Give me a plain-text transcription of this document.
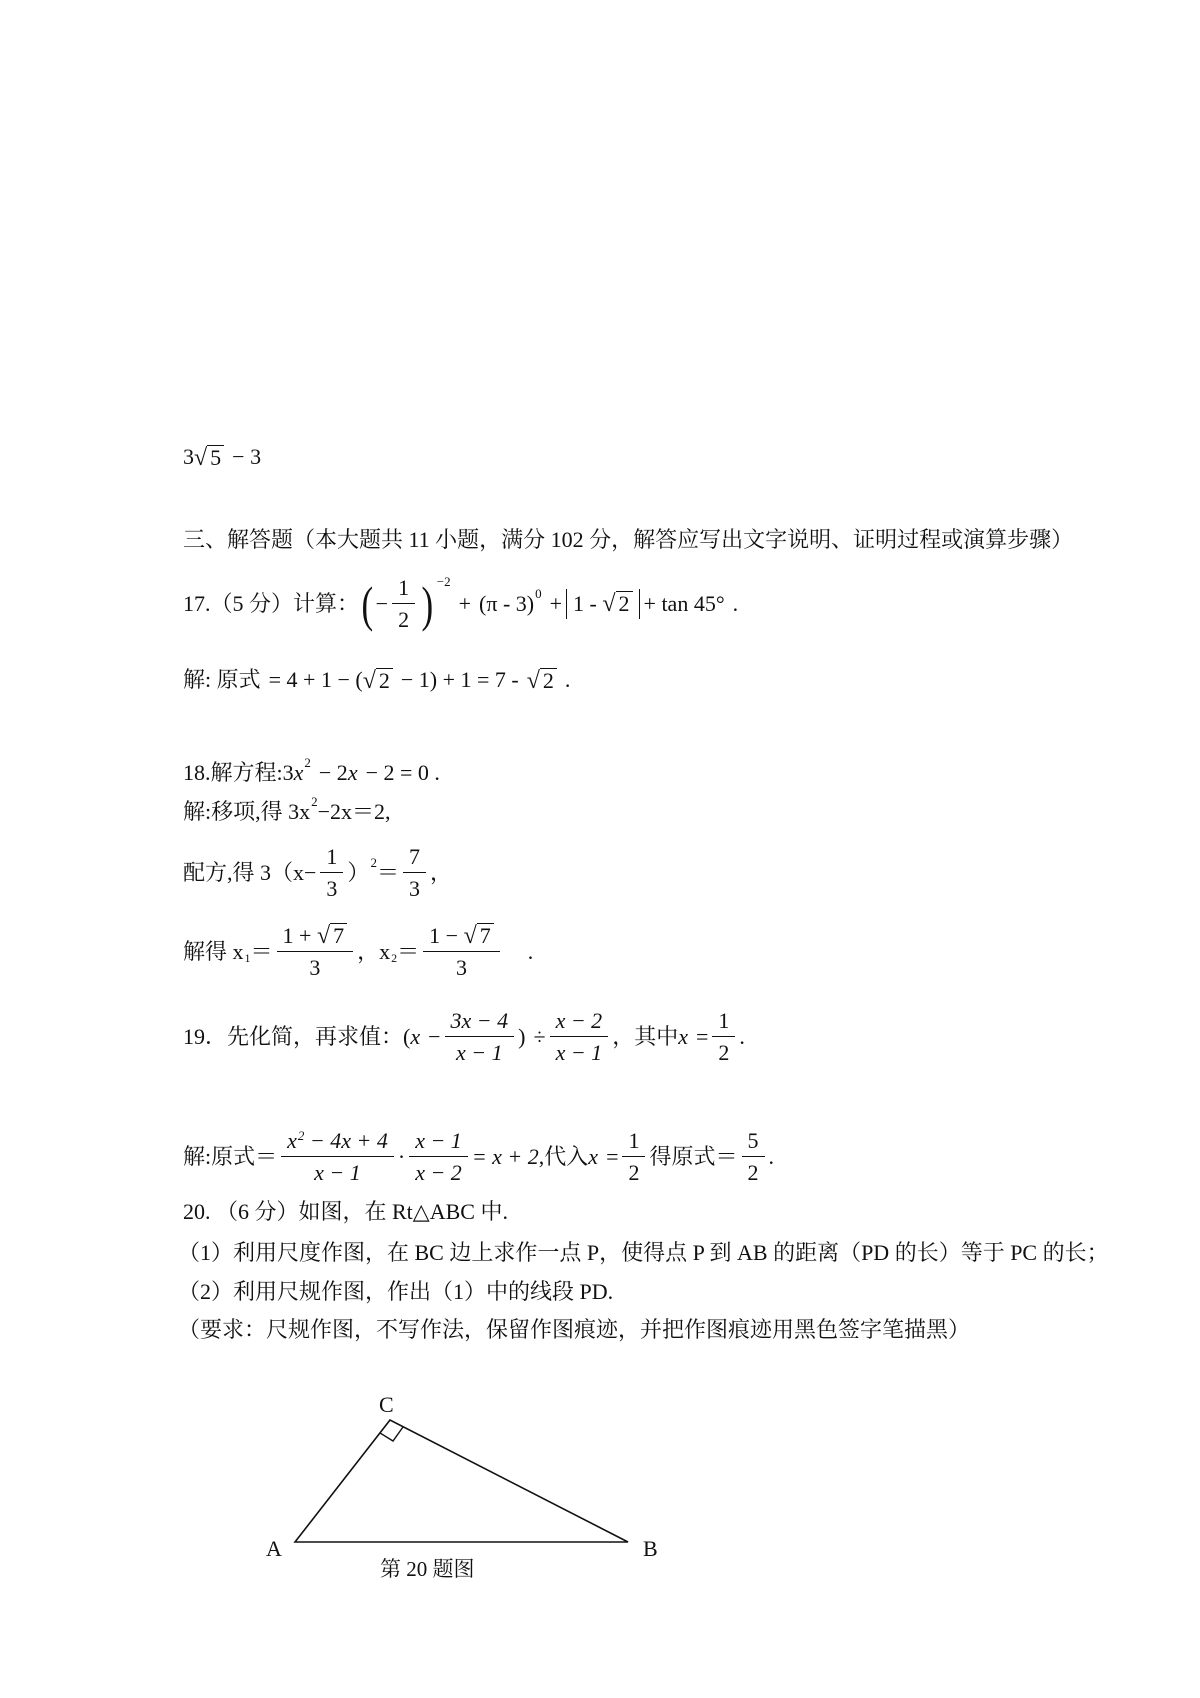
3 √ 5 − 3
三、解答题（本大题共 11 小题，满分 102 分，解答应写出文字说明、证明过程或演算步骤）
17.（5 分）计算： ( − $\frac{1}{2}$ ) −2
+ (π - 3) 0 + 1 - √ 2 + tan 45° .
解: 原式 = 4 + 1 − ( √ 2 − 1) + 1 = 7 - √ 2 .
18.解方程: 3 x 2 − 2 x − 2 = 0 .
解:移项,得 3x 2 −2x＝2,
配方,得 $3(x- \frac{1}{3}$ ） $2 = \frac{7}{3}$ ，
解得 x $1 = \frac{1 + √ 7}{3}$ ，x $2 = \frac{1 - √ 7}{3}$ .
19．先化简，再求值： ( $x - \frac{3x - 4}{x - 1}$ ) ÷ $\frac{x - 2}{x - 1}$ ，其中 $x = \frac{1}{2}$ .
解:原式＝ $\frac{x^2 - 4x + 4}{x - 1} \cdot \frac{x - 1}{x - 2} = x + 2$ ,代入 $x = \frac{1}{2}$ 得原式＝ $\frac{5}{2}$ .
20. （6 分）如图，在 Rt△ABC 中.
（1）利用尺度作图，在 BC 边上求作一点 P，使得点 P 到 AB 的距离（PD 的长）等于 PC 的长；
（2）利用尺规作图，作出（1）中的线段 PD.
（要求：尺规作图，不写作法，保留作图痕迹，并把作图痕迹用黑色签字笔描黑）
C
A	B
第 20 题图
